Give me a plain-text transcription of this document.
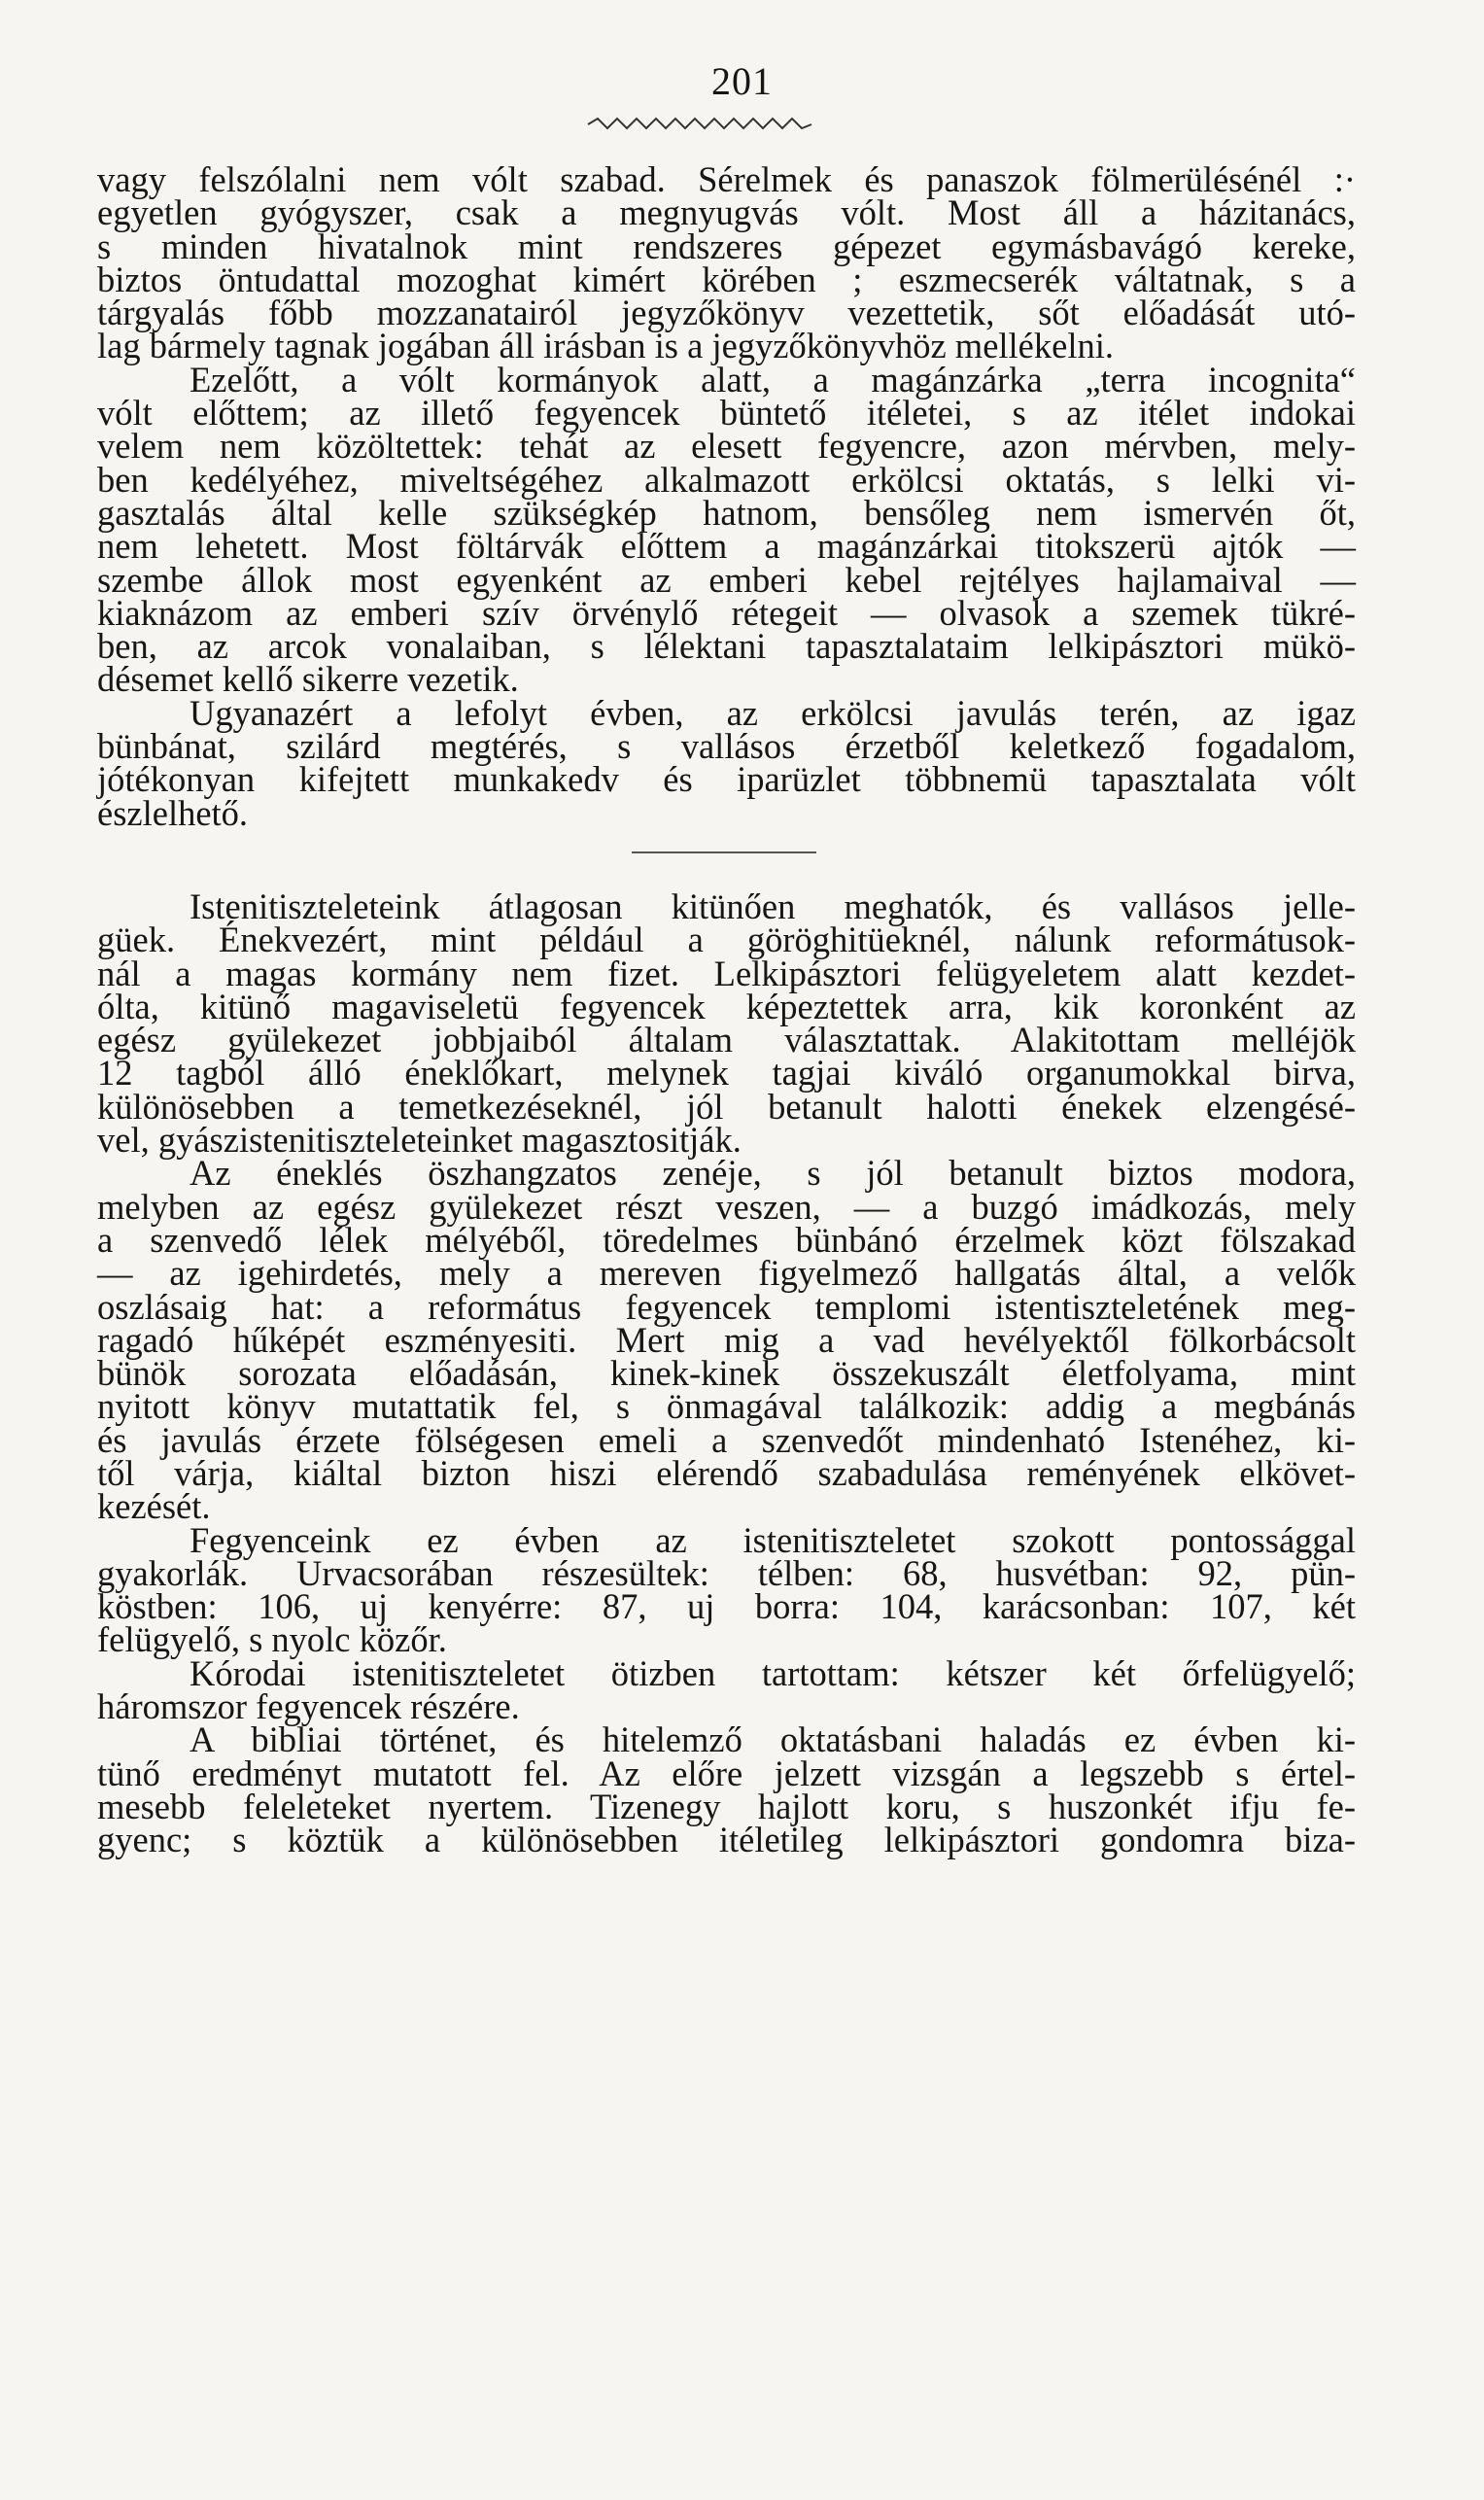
201
vagy felszólalni nem vólt szabad. Sérelmek és panaszok fölmerülésénél :·
egyetlen gyógyszer, csak a megnyugvás vólt. Most áll a házitanács,
s minden hivatalnok mint rendszeres gépezet egymásbavágó kereke,
biztos öntudattal mozoghat kimért körében ; eszmecserék váltatnak, s a
tárgyalás főbb mozzanatairól jegyzőkönyv vezettetik, sőt előadását utó-
lag bármely tagnak jogában áll irásban is a jegyzőkönyvhöz mellékelni.
Ezelőtt, a vólt kormányok alatt, a magánzárka „terra incognita“
vólt előttem; az illető fegyencek büntető itéletei, s az itélet indokai
velem nem közöltettek: tehát az elesett fegyencre, azon mérvben, mely-
ben kedélyéhez, miveltségéhez alkalmazott erkölcsi oktatás, s lelki vi-
gasztalás által kelle szükségkép hatnom, bensőleg nem ismervén őt,
nem lehetett. Most föltárvák előttem a magánzárkai titokszerü ajtók —
szembe állok most egyenként az emberi kebel rejtélyes hajlamaival —
kiaknázom az emberi szív örvénylő rétegeit — olvasok a szemek tükré-
ben, az arcok vonalaiban, s lélektani tapasztalataim lelkipásztori mükö-
désemet kellő sikerre vezetik.
Ugyanazért a lefolyt évben, az erkölcsi javulás terén, az igaz
bünbánat, szilárd megtérés, s vallásos érzetből keletkező fogadalom,
jótékonyan kifejtett munkakedv és iparüzlet többnemü tapasztalata vólt
észlelhető.
Istenitiszteleteink átlagosan kitünően meghatók, és vallásos jelle-
güek. Énekvezért, mint például a göröghitüeknél, nálunk reformátusok-
nál a magas kormány nem fizet. Lelkipásztori felügyeletem alatt kezdet-
ólta, kitünő magaviseletü fegyencek képeztettek arra, kik koronként az
egész gyülekezet jobbjaiból általam választattak. Alakitottam melléjök
12 tagból álló éneklőkart, melynek tagjai kiváló organumokkal birva,
különösebben a temetkezéseknél, jól betanult halotti énekek elzengésé-
vel, gyászistenitiszteleteinket magasztositják.
Az éneklés öszhangzatos zenéje, s jól betanult biztos modora,
melyben az egész gyülekezet részt veszen, — a buzgó imádkozás, mely
a szenvedő lélek mélyéből, töredelmes bünbánó érzelmek közt fölszakad
— az igehirdetés, mely a mereven figyelmező hallgatás által, a velők
oszlásaig hat: a református fegyencek templomi istentiszteletének meg-
ragadó hűképét eszményesiti. Mert mig a vad hevélyektől fölkorbácsolt
bünök sorozata előadásán, kinek-kinek összekuszált életfolyama, mint
nyitott könyv mutattatik fel, s önmagával találkozik: addig a megbánás
és javulás érzete fölségesen emeli a szenvedőt mindenható Istenéhez, ki-
től várja, kiáltal bizton hiszi elérendő szabadulása reményének elkövet-
kezését.
Fegyenceink ez évben az istenitiszteletet szokott pontossággal
gyakorlák. Urvacsorában részesültek: télben: 68, husvétban: 92, pün-
köstben: 106, uj kenyérre: 87, uj borra: 104, karácsonban: 107, két
felügyelő, s nyolc közőr.
Kórodai istenitiszteletet ötizben tartottam: kétszer két őrfelügyelő;
háromszor fegyencek részére.
A bibliai történet, és hitelemző oktatásbani haladás ez évben ki-
tünő eredményt mutatott fel. Az előre jelzett vizsgán a legszebb s értel-
mesebb feleleteket nyertem. Tizenegy hajlott koru, s huszonkét ifju fe-
gyenc; s köztük a különösebben itéletileg lelkipásztori gondomra biza-
